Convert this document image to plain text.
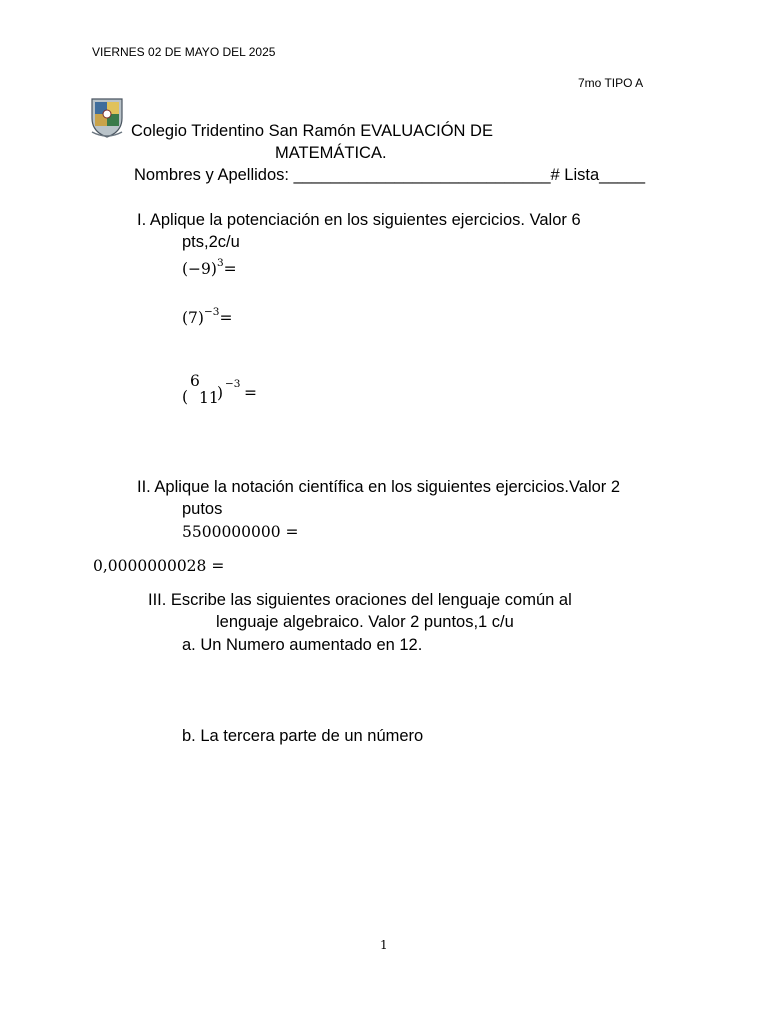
VIERNES 02 DE MAYO DEL 2025
7mo TIPO A
Colegio Tridentino San Ramón EVALUACIÓN DE
MATEMÁTICA.
Nombres y Apellidos: ____________________________# Lista_____
I. Aplique la potenciación en los siguientes ejercicios. Valor 6
pts,2c/u
$(-9)^3=$
$(7)^{-3}=$
6
( 11
) −3 =
II. Aplique la notación científica en los siguientes ejercicios.Valor 2
putos
5500000000 =
0,0000000028 =
III. Escribe las siguientes oraciones del lenguaje común al
lenguaje algebraico. Valor 2 puntos,1 c/u
a. Un Numero aumentado en 12.
b. La tercera parte de un número
1
